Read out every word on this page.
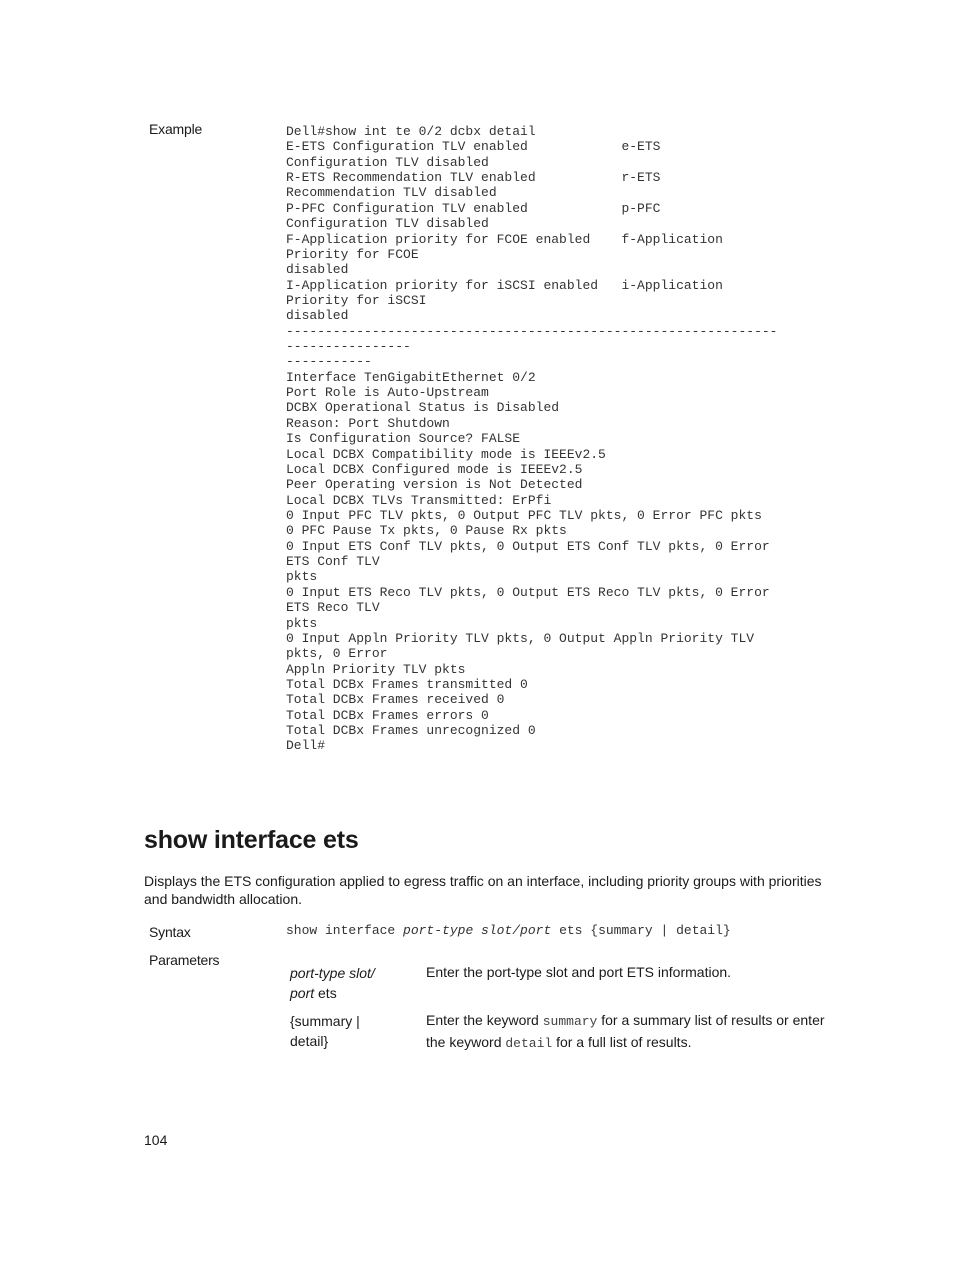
Example	Dell#show int te 0/2 dcbx detail
E-ETS Configuration TLV enabled            e-ETS
Configuration TLV disabled
R-ETS Recommendation TLV enabled           r-ETS
Recommendation TLV disabled
P-PFC Configuration TLV enabled            p-PFC
Configuration TLV disabled
F-Application priority for FCOE enabled    f-Application
Priority for FCOE
disabled
I-Application priority for iSCSI enabled   i-Application
Priority for iSCSI
disabled
---------------------------------------------------------------
----------------
-----------
Interface TenGigabitEthernet 0/2
Port Role is Auto-Upstream
DCBX Operational Status is Disabled
Reason: Port Shutdown
Is Configuration Source? FALSE
Local DCBX Compatibility mode is IEEEv2.5
Local DCBX Configured mode is IEEEv2.5
Peer Operating version is Not Detected
Local DCBX TLVs Transmitted: ErPfi
0 Input PFC TLV pkts, 0 Output PFC TLV pkts, 0 Error PFC pkts
0 PFC Pause Tx pkts, 0 Pause Rx pkts
0 Input ETS Conf TLV pkts, 0 Output ETS Conf TLV pkts, 0 Error
ETS Conf TLV
pkts
0 Input ETS Reco TLV pkts, 0 Output ETS Reco TLV pkts, 0 Error
ETS Reco TLV
pkts
0 Input Appln Priority TLV pkts, 0 Output Appln Priority TLV
pkts, 0 Error
Appln Priority TLV pkts
Total DCBx Frames transmitted 0
Total DCBx Frames received 0
Total DCBx Frames errors 0
Total DCBx Frames unrecognized 0
Dell#
show interface ets

Displays the ETS configuration applied to egress traffic on an interface, including priority groups with priorities and bandwidth allocation.

Syntax	show interface port-type slot/port ets {summary | detail}
Parameters
port-type slot/
port ets
Enter the port-type slot and port ETS information.
{summary |
detail}
Enter the keyword summary for a summary list of results or enter the keyword detail for a full list of results.
104
